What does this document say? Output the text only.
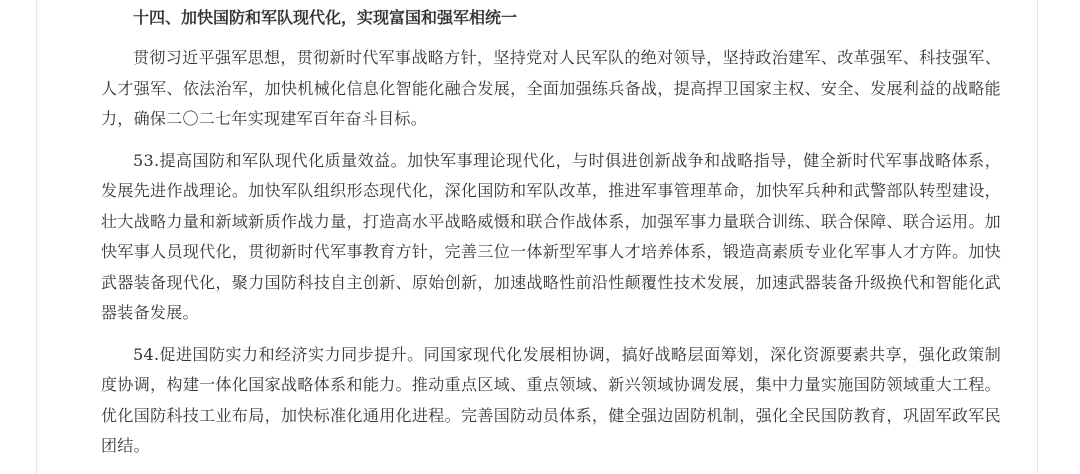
十四、加快国防和军队现代化，实现富国和强军相统一

贯彻习近平强军思想，贯彻新时代军事战略方针，坚持党对人民军队的绝对领导，坚持政治建军、改革强军、科技强军、人才强军、依法治军，加快机械化信息化智能化融合发展，全面加强练兵备战，提高捍卫国家主权、安全、发展利益的战略能力，确保二〇二七年实现建军百年奋斗目标。

53.提高国防和军队现代化质量效益。加快军事理论现代化，与时俱进创新战争和战略指导，健全新时代军事战略体系，发展先进作战理论。加快军队组织形态现代化，深化国防和军队改革，推进军事管理革命，加快军兵种和武警部队转型建设，壮大战略力量和新域新质作战力量，打造高水平战略威慑和联合作战体系，加强军事力量联合训练、联合保障、联合运用。加快军事人员现代化，贯彻新时代军事教育方针，完善三位一体新型军事人才培养体系，锻造高素质专业化军事人才方阵。加快武器装备现代化，聚力国防科技自主创新、原始创新，加速战略性前沿性颠覆性技术发展，加速武器装备升级换代和智能化武器装备发展。

54.促进国防实力和经济实力同步提升。同国家现代化发展相协调，搞好战略层面筹划，深化资源要素共享，强化政策制度协调，构建一体化国家战略体系和能力。推动重点区域、重点领域、新兴领域协调发展，集中力量实施国防领域重大工程。优化国防科技工业布局，加快标准化通用化进程。完善国防动员体系，健全强边固防机制，强化全民国防教育，巩固军政军民团结。
